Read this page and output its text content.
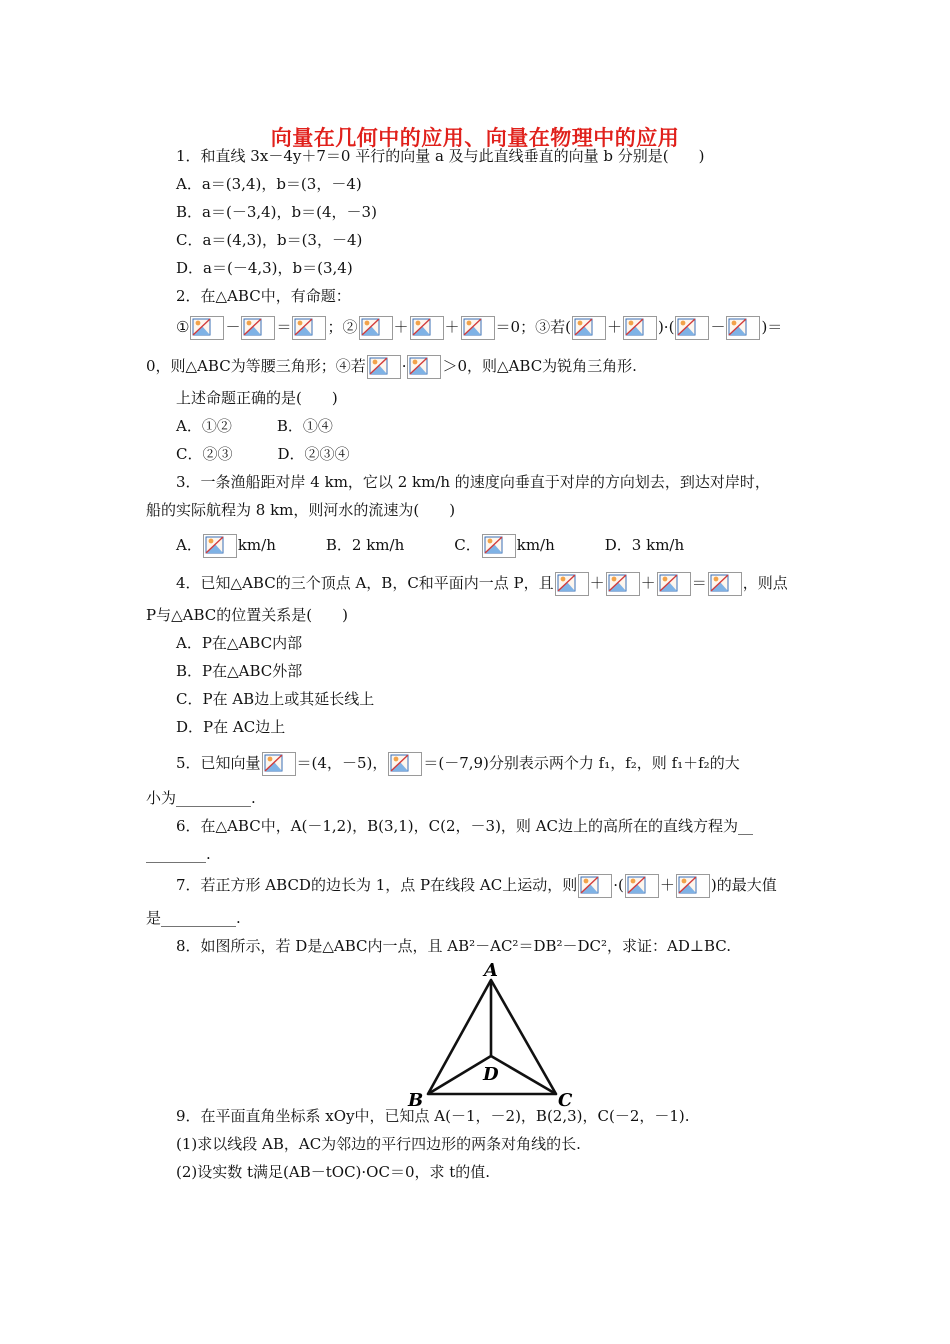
向量在几何中的应用、向量在物理中的应用
1．和直线 3x－4y＋7＝0 平行的向量 a 及与此直线垂直的向量 b 分别是(　　)
A．a＝(3,4)，b＝(3，－4)
B．a＝(－3,4)，b＝(4，－3)
C．a＝(4,3)，b＝(3，－4)
D．a＝(－4,3)，b＝(3,4)
2．在△ABC中，有命题：
① － ＝ ；② ＋ ＋ ＝0；③若( ＋ )·( － )＝
0，则△ABC为等腰三角形；④若 · ＞0，则△ABC为锐角三角形.
上述命题正确的是(　　)
A．①②　　　B．①④
C．②③　　　D．②③④
3．一条渔船距对岸 4 km，它以 2 km/h 的速度向垂直于对岸的方向划去，到达对岸时，
船的实际航程为 8 km，则河水的流速为(　　)
A． km/h	B．2 km/h	C． km/h	D．3 km/h
4．已知△ABC的三个顶点 A，B，C和平面内一点 P，且 ＋ ＋ ＝ ，则点
P与△ABC的位置关系是(　　)
A．P在△ABC内部
B．P在△ABC外部
C．P在 AB边上或其延长线上
D．P在 AC边上
5．已知向量 ＝(4，－5)， ＝(－7,9)分别表示两个力 f₁，f₂，则 f₁＋f₂的大
小为__________.
6．在△ABC中，A(－1,2)，B(3,1)，C(2，－3)，则 AC边上的高所在的直线方程为__
________.
7．若正方形 ABCD的边长为 1，点 P在线段 AC上运动，则 ·( ＋ )的最大值
是__________.
8．如图所示，若 D是△ABC内一点，且 AB²－AC²＝DB²－DC²，求证：AD⊥BC.
A
B	C
D
9．在平面直角坐标系 xOy中，已知点 A(－1，－2)，B(2,3)，C(－2，－1).
(1)求以线段 AB，AC为邻边的平行四边形的两条对角线的长.
(2)设实数 t满足(AB－tOC)·OC＝0，求 t的值.
